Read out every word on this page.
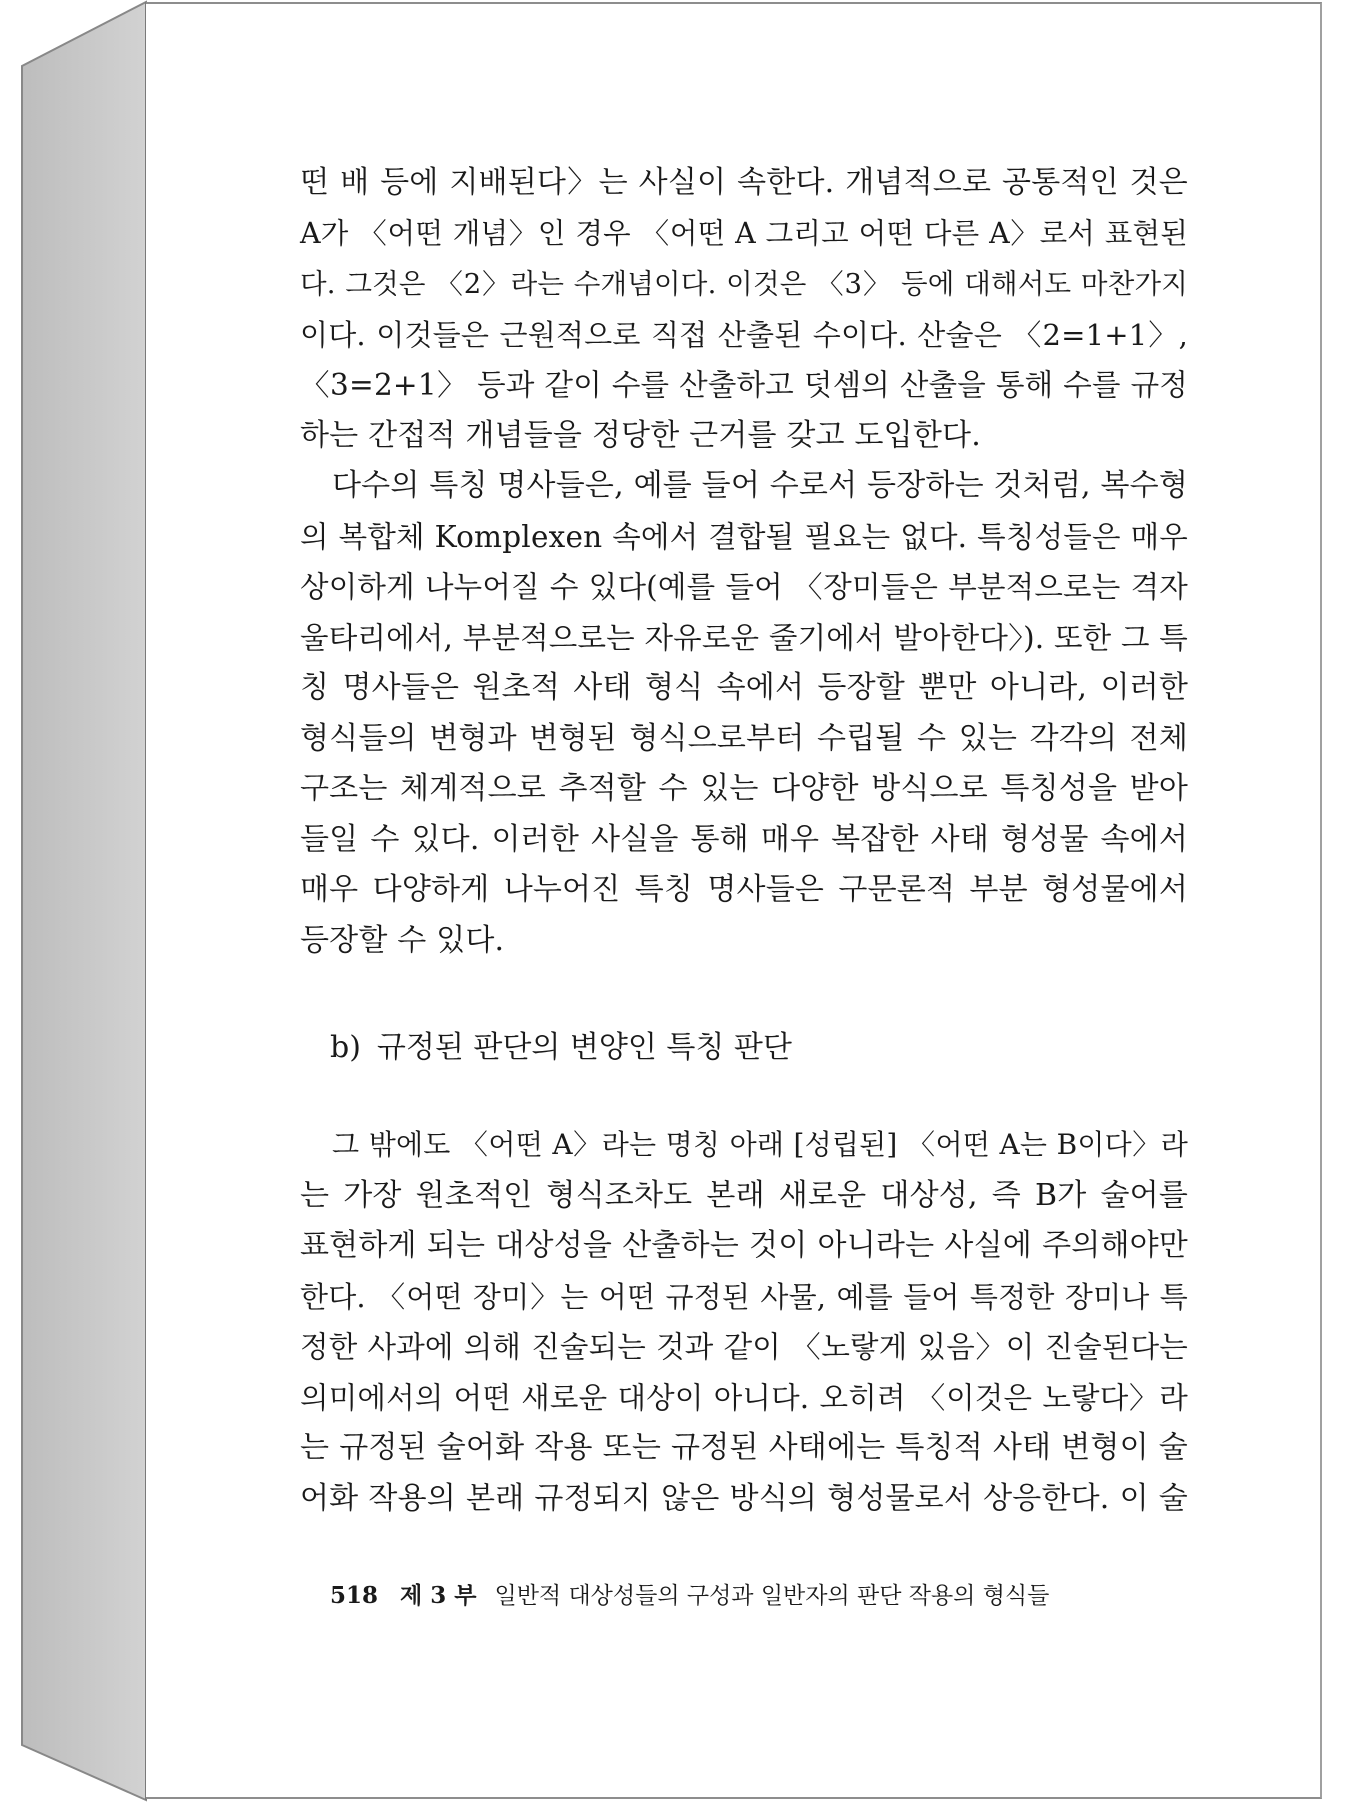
떤 배 등에 지배된다〉는 사실이 속한다. 개념적으로 공통적인 것은
A가 〈어떤 개념〉인 경우 〈어떤 A 그리고 어떤 다른 A〉로서 표현된
다. 그것은 〈2〉라는 수개념이다. 이것은 〈3〉 등에 대해서도 마찬가지
이다. 이것들은 근원적으로 직접 산출된 수이다. 산술은 〈2=1+1〉,
〈3=2+1〉 등과 같이 수를 산출하고 덧셈의 산출을 통해 수를 규정
하는 간접적 개념들을 정당한 근거를 갖고 도입한다.
다수의 특칭 명사들은, 예를 들어 수로서 등장하는 것처럼, 복수형
의 복합체 Komplexen 속에서 결합될 필요는 없다. 특칭성들은 매우
상이하게 나누어질 수 있다(예를 들어 〈장미들은 부분적으로는 격자
울타리에서, 부분적으로는 자유로운 줄기에서 발아한다〉). 또한 그 특
칭 명사들은 원초적 사태 형식 속에서 등장할 뿐만 아니라, 이러한
형식들의 변형과 변형된 형식으로부터 수립될 수 있는 각각의 전체
구조는 체계적으로 추적할 수 있는 다양한 방식으로 특칭성을 받아
들일 수 있다. 이러한 사실을 통해 매우 복잡한 사태 형성물 속에서
매우 다양하게 나누어진 특칭 명사들은 구문론적 부분 형성물에서
등장할 수 있다.
b) 규정된 판단의 변양인 특칭 판단
그 밖에도 〈어떤 A〉라는 명칭 아래 [성립된] 〈어떤 A는 B이다〉라
는 가장 원초적인 형식조차도 본래 새로운 대상성, 즉 B가 술어를
표현하게 되는 대상성을 산출하는 것이 아니라는 사실에 주의해야만
한다. 〈어떤 장미〉는 어떤 규정된 사물, 예를 들어 특정한 장미나 특
정한 사과에 의해 진술되는 것과 같이 〈노랗게 있음〉이 진술된다는
의미에서의 어떤 새로운 대상이 아니다. 오히려 〈이것은 노랗다〉라
는 규정된 술어화 작용 또는 규정된 사태에는 특칭적 사태 변형이 술
어화 작용의 본래 규정되지 않은 방식의 형성물로서 상응한다. 이 술
518 제 3 부 일반적 대상성들의 구성과 일반자의 판단 작용의 형식들
